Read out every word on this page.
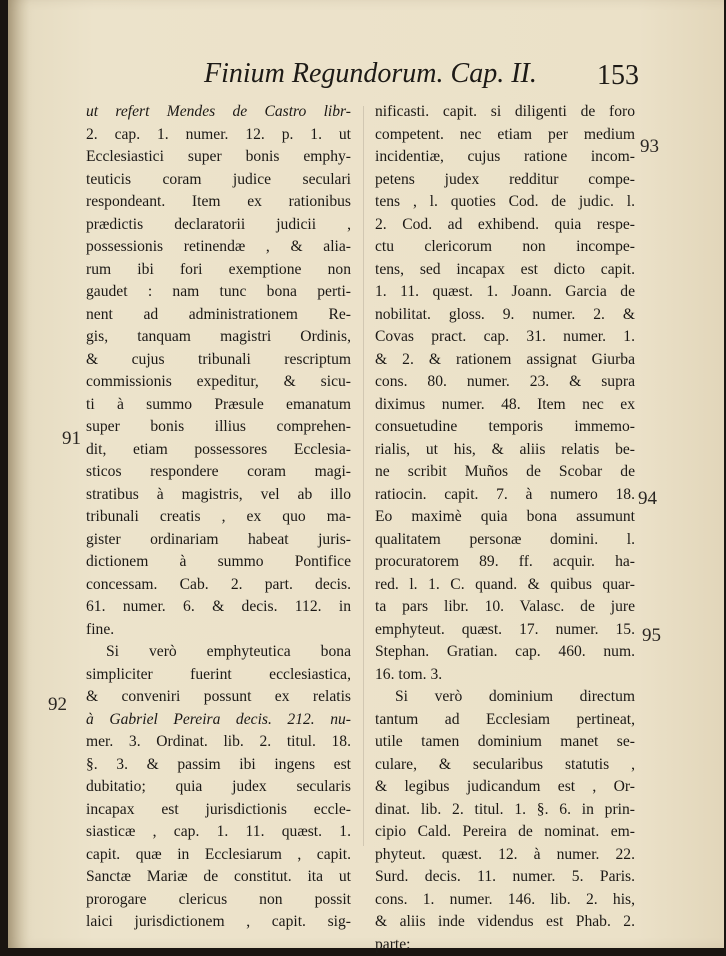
Finium Regundorum. Cap. II. 153
93
91
94
92
95
ut refert Mendes de Castro libr-
2. cap. 1. numer. 12. p. 1. ut
Ecclesiastici super bonis emphy-
teuticis coram judice seculari
respondeant. Item ex rationibus
prædictis declaratorii judicii ,
possessionis retinendæ , & alia-
rum ibi fori exemptione non
gaudet : nam tunc bona perti-
nent ad administrationem Re-
gis, tanquam magistri Ordinis,
& cujus tribunali rescriptum
commissionis expeditur, & sicu-
ti à summo Præsule emanatum
super bonis illius comprehen-
dit, etiam possessores Ecclesia-
sticos respondere coram magi-
stratibus à magistris, vel ab illo
tribunali creatis , ex quo ma-
gister ordinariam habeat juris-
dictionem à summo Pontifice
concessam. Cab. 2. part. decis.
61. numer. 6. & decis. 112. in
fine.
Si verò emphyteutica bona
simpliciter fuerint ecclesiastica,
& conveniri possunt ex relatis
à Gabriel Pereira decis. 212. nu-
mer. 3. Ordinat. lib. 2. titul. 18.
§. 3. & passim ibi ingens est
dubitatio; quia judex secularis
incapax est jurisdictionis eccle-
siasticæ , cap. 1. 11. quæst. 1.
capit. quæ in Ecclesiarum , capit.
Sanctæ Mariæ de constitut. ita ut
prorogare clericus non possit
laici jurisdictionem , capit. sig-
nificasti. capit. si diligenti de foro
competent. nec etiam per medium
incidentiæ, cujus ratione incom-
petens judex redditur compe-
tens , l. quoties Cod. de judic. l.
2. Cod. ad exhibend. quia respe-
ctu clericorum non incompe-
tens, sed incapax est dicto capit.
1. 11. quæst. 1. Joann. Garcia de
nobilitat. gloss. 9. numer. 2. &
Covas pract. cap. 31. numer. 1.
& 2. & rationem assignat Giurba
cons. 80. numer. 23. & supra
diximus numer. 48. Item nec ex
consuetudine temporis immemo-
rialis, ut his, & aliis relatis be-
ne scribit Muños de Scobar de
ratiocin. capit. 7. à numero 18.
Eo maximè quia bona assumunt
qualitatem personæ domini. l.
procuratorem 89. ff. acquir. ha-
red. l. 1. C. quand. & quibus quar-
ta pars libr. 10. Valasc. de jure
emphyteut. quæst. 17. numer. 15.
Stephan. Gratian. cap. 460. num.
16. tom. 3.
Si verò dominium directum
tantum ad Ecclesiam pertineat,
utile tamen dominium manet se-
culare, & secularibus statutis ,
& legibus judicandum est , Or-
dinat. lib. 2. titul. 1. §. 6. in prin-
cipio Cald. Pereira de nominat. em-
phyteut. quæst. 12. à numer. 22.
Surd. decis. 11. numer. 5. Paris.
cons. 1. numer. 146. lib. 2. his,
& aliis inde videndus est Phab. 2.
parte:
